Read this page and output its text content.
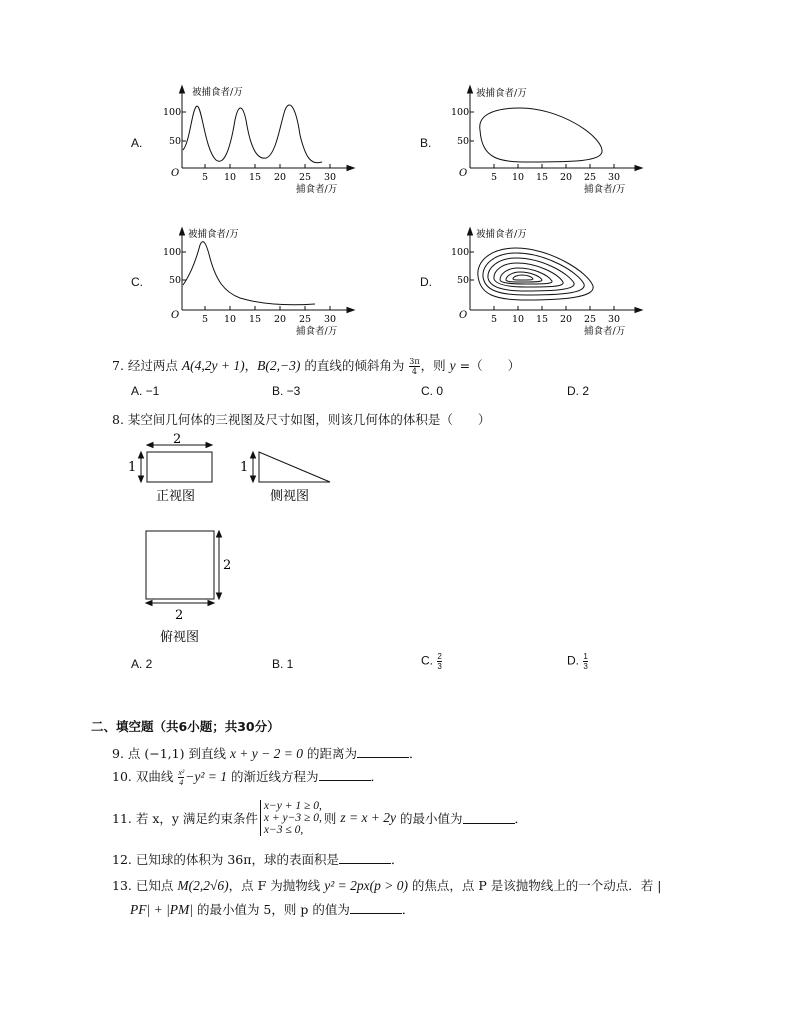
A.
被捕食者/万
100
50
O 5 10 15 20 25 30
捕食者/万
B.
被捕食者/万
100
50
O	5 10 15 20 25 30
捕食者/万
C.
被捕食者/万
100
50
O 5 10 15 20 25 30
捕食者/万
D.
被捕食者/万
100
50
O	5 10 15 20 25 30
捕食者/万
7. 经过两点 A(4,2y + 1)，B(2,−3) 的直线的倾斜角为 $\frac{3\pi}{4}$ ，则 y =（　　）
A. −1	B. −3	C. 0	D. 2
8. 某空间几何体的三视图及尺寸如图，则该几何体的体积是（　　）
2
1	1
正视图	侧视图
2
2
俯视图
A. 2	B. 1	C. $\frac{2}{3}$	D. $\frac{1}{3}$
二、填空题（共6小题；共30分）
9. 点 (−1,1) 到直线 x + y − 2 = 0 的距离为	．
10. 双曲线 $\frac{\text{x²}}{4} -y^2 = 1$ 的渐近线方程为	．
11. 若 x，y 满足约束条件
x−y + 1 ≥ 0,
x + y−3 ≥ 0,
x−3 ≤ 0,
则 z = x + 2y 的最小值为	．
12. 已知球的体积为 36π，球的表面积是	．
13. 已知点 M(2,2√6)，点 F 为抛物线 y² = 2px(p > 0) 的焦点，点 P 是该抛物线上的一个动点．若 |
PF| + |PM| 的最小值为 5，则 p 的值为	．
